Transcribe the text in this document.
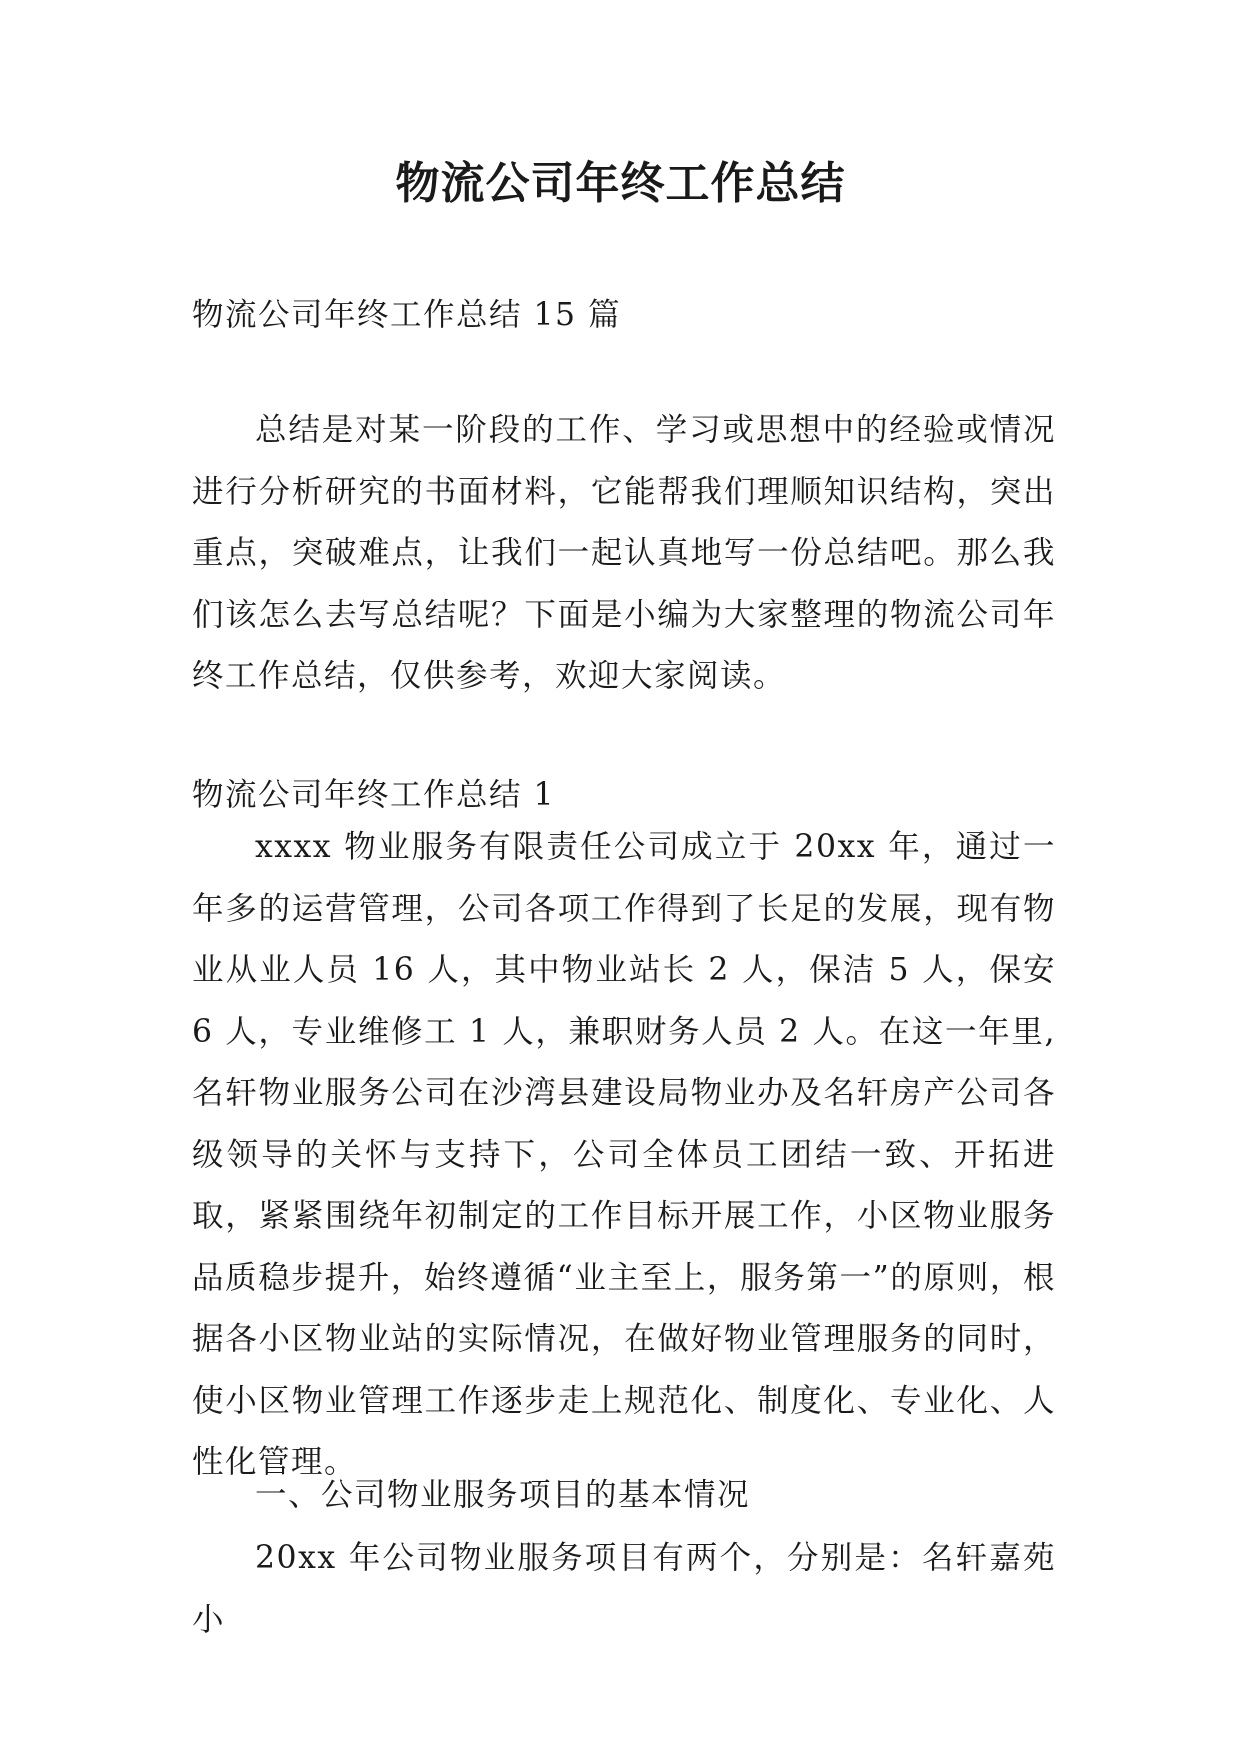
物流公司年终工作总结

物流公司年终工作总结 15 篇

总结是对某一阶段的工作、学习或思想中的经验或情况进行分析研究的书面材料，它能帮我们理顺知识结构，突出重点，突破难点，让我们一起认真地写一份总结吧。那么我们该怎么去写总结呢？下面是小编为大家整理的物流公司年终工作总结，仅供参考，欢迎大家阅读。

物流公司年终工作总结 1

xxxx 物业服务有限责任公司成立于 20xx 年，通过一年多的运营管理，公司各项工作得到了长足的发展，现有物业从业人员 16 人，其中物业站长 2 人，保洁 5 人，保安 6 人，专业维修工 1 人，兼职财务人员 2 人。在这一年里,名轩物业服务公司在沙湾县建设局物业办及名轩房产公司各级领导的关怀与支持下，公司全体员工团结一致、开拓进取，紧紧围绕年初制定的工作目标开展工作，小区物业服务品质稳步提升，始终遵循“业主至上，服务第一”的原则，根据各小区物业站的实际情况，在做好物业管理服务的同时，使小区物业管理工作逐步走上规范化、制度化、专业化、人性化管理。

一、公司物业服务项目的基本情况

20xx 年公司物业服务项目有两个，分别是：名轩嘉苑小
